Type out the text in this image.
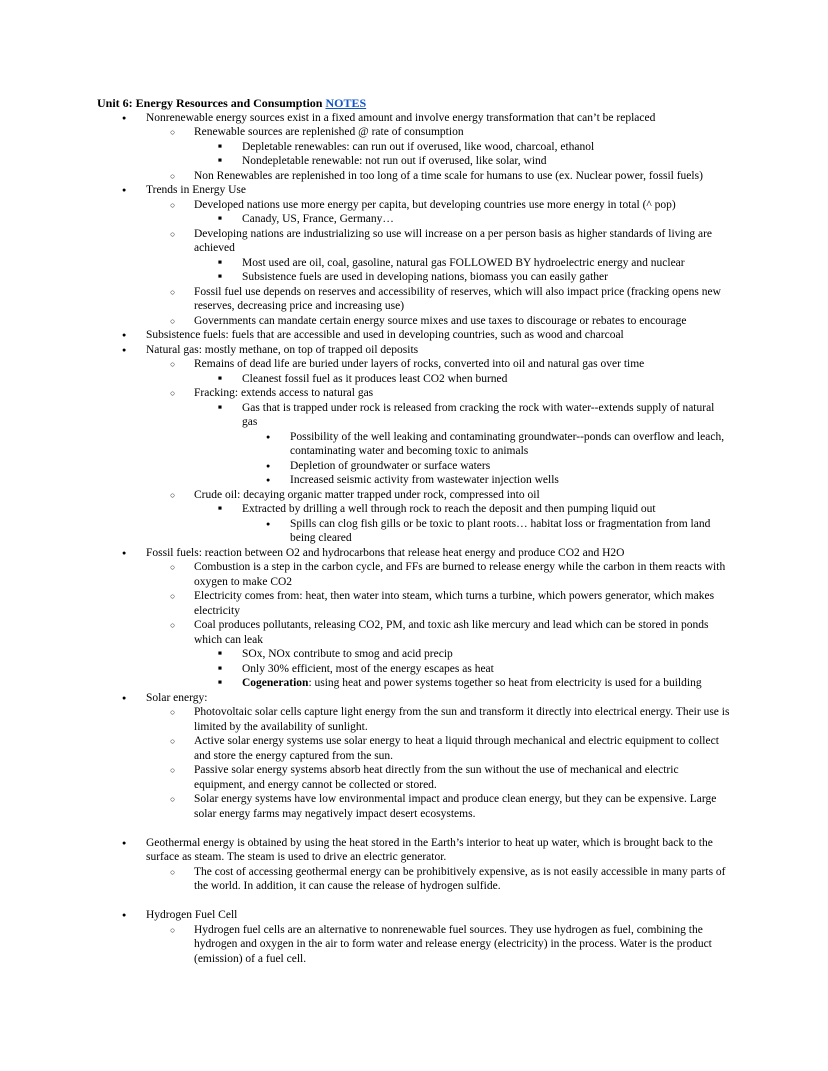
Unit 6: Energy Resources and Consumption NOTES
●	Nonrenewable energy sources exist in a fixed amount and involve energy transformation that can’t be replaced
○	Renewable sources are replenished @ rate of consumption
■	Depletable renewables: can run out if overused, like wood, charcoal, ethanol
■	Nondepletable renewable: not run out if overused, like solar, wind
○	Non Renewables are replenished in too long of a time scale for humans to use (ex. Nuclear power, fossil fuels)
●	Trends in Energy Use
○	Developed nations use more energy per capita, but developing countries use more energy in total (^ pop)
■	Canady, US, France, Germany…
○	Developing nations are industrializing so use will increase on a per person basis as higher standards of living are achieved
■	Most used are oil, coal, gasoline, natural gas FOLLOWED BY hydroelectric energy and nuclear
■	Subsistence fuels are used in developing nations, biomass you can easily gather
○	Fossil fuel use depends on reserves and accessibility of reserves, which will also impact price (fracking opens new reserves, decreasing price and increasing use)
○	Governments can mandate certain energy source mixes and use taxes to discourage or rebates to encourage
●	Subsistence fuels: fuels that are accessible and used in developing countries, such as wood and charcoal
●	Natural gas: mostly methane, on top of trapped oil deposits
○	Remains of dead life are buried under layers of rocks, converted into oil and natural gas over time
■	Cleanest fossil fuel as it produces least CO2 when burned
○	Fracking: extends access to natural gas
■	Gas that is trapped under rock is released from cracking the rock with water--extends supply of natural gas
●	Possibility of the well leaking and contaminating groundwater--ponds can overflow and leach, contaminating water and becoming toxic to animals
●	Depletion of groundwater or surface waters
●	Increased seismic activity from wastewater injection wells
○	Crude oil: decaying organic matter trapped under rock, compressed into oil
■	Extracted by drilling a well through rock to reach the deposit and then pumping liquid out
●	Spills can clog fish gills or be toxic to plant roots… habitat loss or fragmentation from land being cleared
●	Fossil fuels: reaction between O2 and hydrocarbons that release heat energy and produce CO2 and H2O
○	Combustion is a step in the carbon cycle, and FFs are burned to release energy while the carbon in them reacts with oxygen to make CO2
○	Electricity comes from: heat, then water into steam, which turns a turbine, which powers generator, which makes electricity
○	Coal produces pollutants, releasing CO2, PM, and toxic ash like mercury and lead which can be stored in ponds which can leak
■	SOx, NOx contribute to smog and acid precip
■	Only 30% efficient, most of the energy escapes as heat
■	Cogeneration: using heat and power systems together so heat from electricity is used for a building
●	Solar energy:
○	Photovoltaic solar cells capture light energy from the sun and transform it directly into electrical energy. Their use is limited by the availability of sunlight.
○	Active solar energy systems use solar energy to heat a liquid through mechanical and electric equipment to collect and store the energy captured from the sun.
○	Passive solar energy systems absorb heat directly from the sun without the use of mechanical and electric equipment, and energy cannot be collected or stored.
○	Solar energy systems have low environmental impact and produce clean energy, but they can be expensive. Large solar energy farms may negatively impact desert ecosystems.
●	Geothermal energy is obtained by using the heat stored in the Earth’s interior to heat up water, which is brought back to the surface as steam. The steam is used to drive an electric generator.
○	The cost of accessing geothermal energy can be prohibitively expensive, as is not easily accessible in many parts of the world. In addition, it can cause the release of hydrogen sulfide.
●	Hydrogen Fuel Cell
○	Hydrogen fuel cells are an alternative to nonrenewable fuel sources. They use hydrogen as fuel, combining the hydrogen and oxygen in the air to form water and release energy (electricity) in the process. Water is the product (emission) of a fuel cell.
